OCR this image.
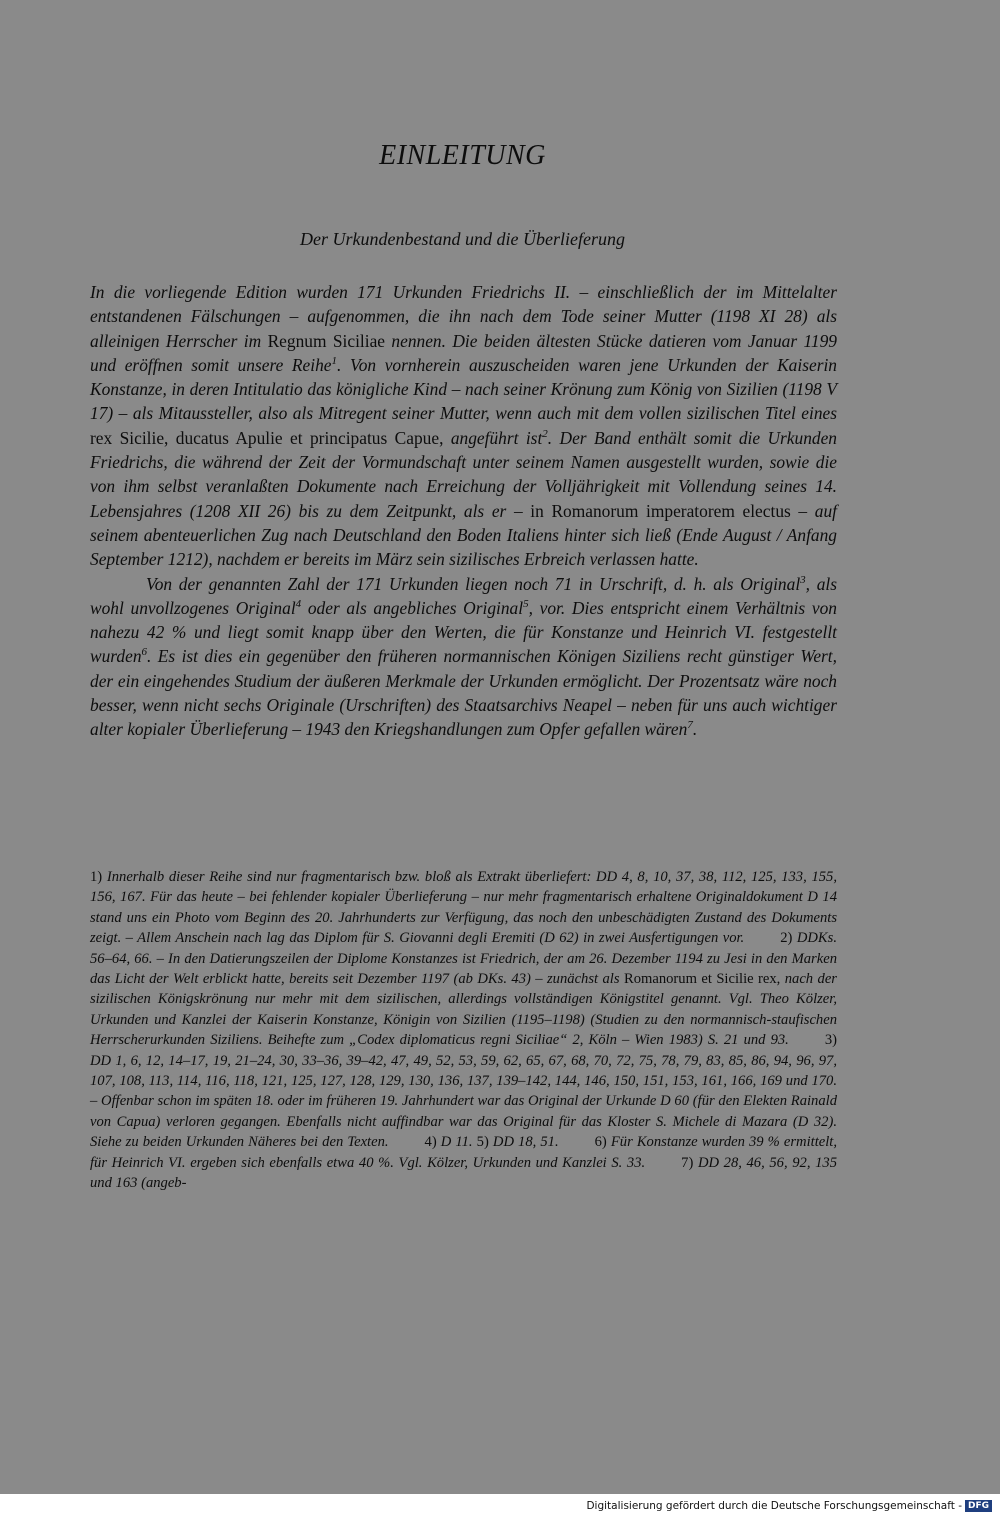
EINLEITUNG
Der Urkundenbestand und die Überlieferung

In die vorliegende Edition wurden 171 Urkunden Friedrichs II. – einschließlich der im Mittelalter entstandenen Fälschungen – aufgenommen, die ihn nach dem Tode seiner Mutter (1198 XI 28) als alleinigen Herrscher im Regnum Siciliae nennen. Die beiden ältesten Stücke datieren vom Januar 1199 und eröffnen somit unsere Reihe$^1$. Von vornherein auszuscheiden waren jene Urkunden der Kaiserin Konstanze, in deren Intitulatio das königliche Kind – nach seiner Krönung zum König von Sizilien (1198 V 17) – als Mitaussteller, also als Mitregent seiner Mutter, wenn auch mit dem vollen sizilischen Titel eines rex Sicilie, ducatus Apulie et principatus Capue, angeführt ist$^2$. Der Band enthält somit die Urkunden Friedrichs, die während der Zeit der Vormundschaft unter seinem Namen ausgestellt wurden, sowie die von ihm selbst veranlaßten Dokumente nach Erreichung der Volljährigkeit mit Vollendung seines 14. Lebensjahres (1208 XII 26) bis zu dem Zeitpunkt, als er – in Romanorum imperatorem electus – auf seinem abenteuerlichen Zug nach Deutschland den Boden Italiens hinter sich ließ (Ende August / Anfang September 1212), nachdem er bereits im März sein sizilisches Erbreich verlassen hatte.

Von der genannten Zahl der 171 Urkunden liegen noch 71 in Urschrift, d. h. als Original$^3$, als wohl unvollzogenes Original$^4$ oder als angebliches Original$^5$, vor. Dies entspricht einem Verhältnis von nahezu 42 % und liegt somit knapp über den Werten, die für Konstanze und Heinrich VI. festgestellt wurden$^6$. Es ist dies ein gegenüber den früheren normannischen Königen Siziliens recht günstiger Wert, der ein eingehendes Studium der äußeren Merkmale der Urkunden ermöglicht. Der Prozentsatz wäre noch besser, wenn nicht sechs Originale (Urschriften) des Staatsarchivs Neapel – neben für uns auch wichtiger alter kopialer Überlieferung – 1943 den Kriegshandlungen zum Opfer gefallen wären$^7$.

1) Innerhalb dieser Reihe sind nur fragmentarisch bzw. bloß als Extrakt überliefert: DD 4, 8, 10, 37, 38, 112, 125, 133, 155, 156, 167. Für das heute – bei fehlender kopialer Überlieferung – nur mehr fragmentarisch erhaltene Originaldokument D 14 stand uns ein Photo vom Beginn des 20. Jahrhunderts zur Verfügung, das noch den unbeschädigten Zustand des Dokuments zeigt. – Allem Anschein nach lag das Diplom für S. Giovanni degli Eremiti (D 62) in zwei Ausfertigungen vor. 2) DDKs. 56–64, 66. – In den Datierungszeilen der Diplome Konstanzes ist Friedrich, der am 26. Dezember 1194 zu Jesi in den Marken das Licht der Welt erblickt hatte, bereits seit Dezember 1197 (ab DKs. 43) – zunächst als Romanorum et Sicilie rex, nach der sizilischen Königskrönung nur mehr mit dem sizilischen, allerdings vollständigen Königstitel genannt. Vgl. Theo Kölzer, Urkunden und Kanzlei der Kaiserin Konstanze, Königin von Sizilien (1195–1198) (Studien zu den normannisch-staufischen Herrscherurkunden Siziliens. Beihefte zum „Codex diplomaticus regni Siciliae“ 2, Köln – Wien 1983) S. 21 und 93. 3) DD 1, 6, 12, 14–17, 19, 21–24, 30, 33–36, 39–42, 47, 49, 52, 53, 59, 62, 65, 67, 68, 70, 72, 75, 78, 79, 83, 85, 86, 94, 96, 97, 107, 108, 113, 114, 116, 118, 121, 125, 127, 128, 129, 130, 136, 137, 139–142, 144, 146, 150, 151, 153, 161, 166, 169 und 170. – Offenbar schon im späten 18. oder im früheren 19. Jahrhundert war das Original der Urkunde D 60 (für den Elekten Rainald von Capua) verloren gegangen. Ebenfalls nicht auffindbar war das Original für das Kloster S. Michele di Mazara (D 32). Siehe zu beiden Urkunden Näheres bei den Texten. 4) D 11. 5) DD 18, 51. 6) Für Konstanze wurden 39 % ermittelt, für Heinrich VI. ergeben sich ebenfalls etwa 40 %. Vgl. Kölzer, Urkunden und Kanzlei S. 33. 7) DD 28, 46, 56, 92, 135 und 163 (angeb-

Digitalisierung gefördert durch die Deutsche Forschungsgemeinschaft - DFG
